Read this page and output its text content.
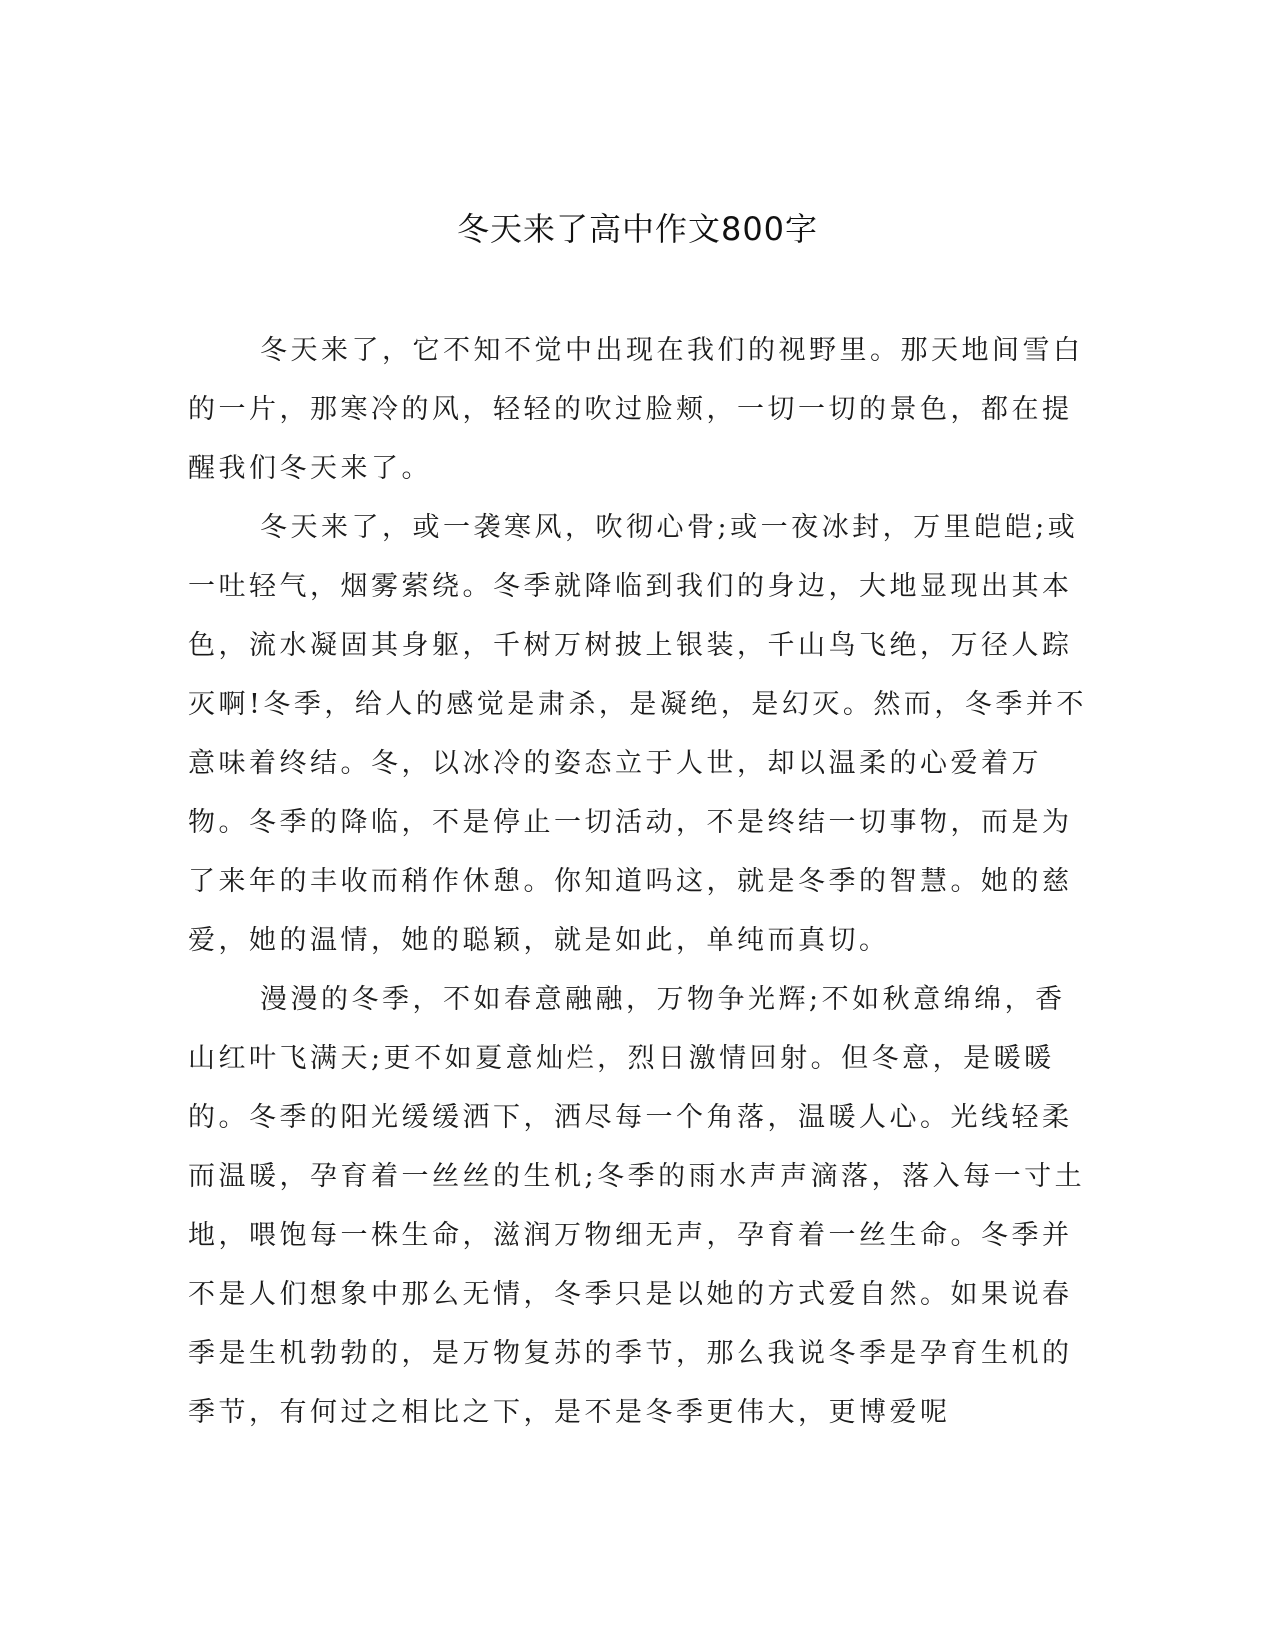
冬天来了高中作文800字

冬天来了，它不知不觉中出现在我们的视野里。那天地间雪白的一片，那寒冷的风，轻轻的吹过脸颊，一切一切的景色，都在提醒我们冬天来了。

冬天来了，或一袭寒风，吹彻心骨;或一夜冰封，万里皑皑;或一吐轻气，烟雾萦绕。冬季就降临到我们的身边，大地显现出其本色，流水凝固其身躯，千树万树披上银装，千山鸟飞绝，万径人踪灭啊!冬季，给人的感觉是肃杀，是凝绝，是幻灭。然而，冬季并不意味着终结。冬，以冰冷的姿态立于人世，却以温柔的心爱着万物。冬季的降临，不是停止一切活动，不是终结一切事物，而是为了来年的丰收而稍作休憩。你知道吗这，就是冬季的智慧。她的慈爱，她的温情，她的聪颖，就是如此，单纯而真切。

漫漫的冬季，不如春意融融，万物争光辉;不如秋意绵绵，香山红叶飞满天;更不如夏意灿烂，烈日激情回射。但冬意，是暖暖的。冬季的阳光缓缓洒下，洒尽每一个角落，温暖人心。光线轻柔而温暖，孕育着一丝丝的生机;冬季的雨水声声滴落，落入每一寸土地，喂饱每一株生命，滋润万物细无声，孕育着一丝生命。冬季并不是人们想象中那么无情，冬季只是以她的方式爱自然。如果说春季是生机勃勃的，是万物复苏的季节，那么我说冬季是孕育生机的季节，有何过之相比之下，是不是冬季更伟大，更博爱呢
